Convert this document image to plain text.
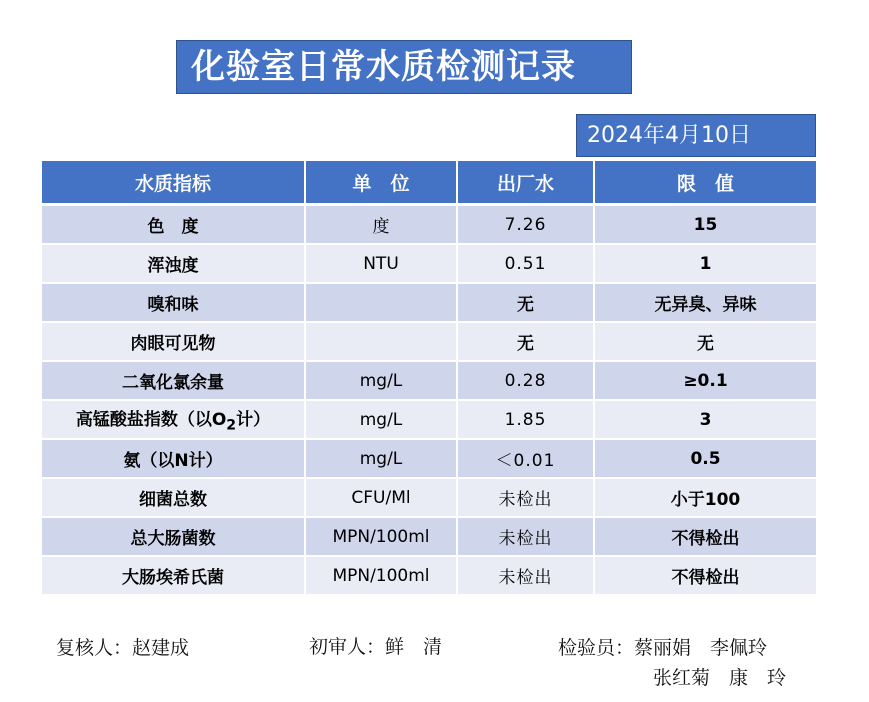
化验室日常水质检测记录
2024年4月10日
水质指标	单　位	出厂水	限　值
色　度	度	7.26	15
浑浊度	NTU	0.51	1
嗅和味		无	无异臭、异味
肉眼可见物		无	无
二氧化氯余量	mg/L	0.28	≥0.1
高锰酸盐指数（以$O_2$计）	mg/L	1.85	3
氨（以N计）	mg/L	＜0.01	0.5
细菌总数	CFU/Ml	未检出	小于100
总大肠菌数	MPN/100ml	未检出	不得检出
大肠埃希氏菌	MPN/100ml	未检出	不得检出
复核人：赵建成	初审人：鲜　清	检验员：蔡丽娟　李佩玲
张红菊　康　玲
